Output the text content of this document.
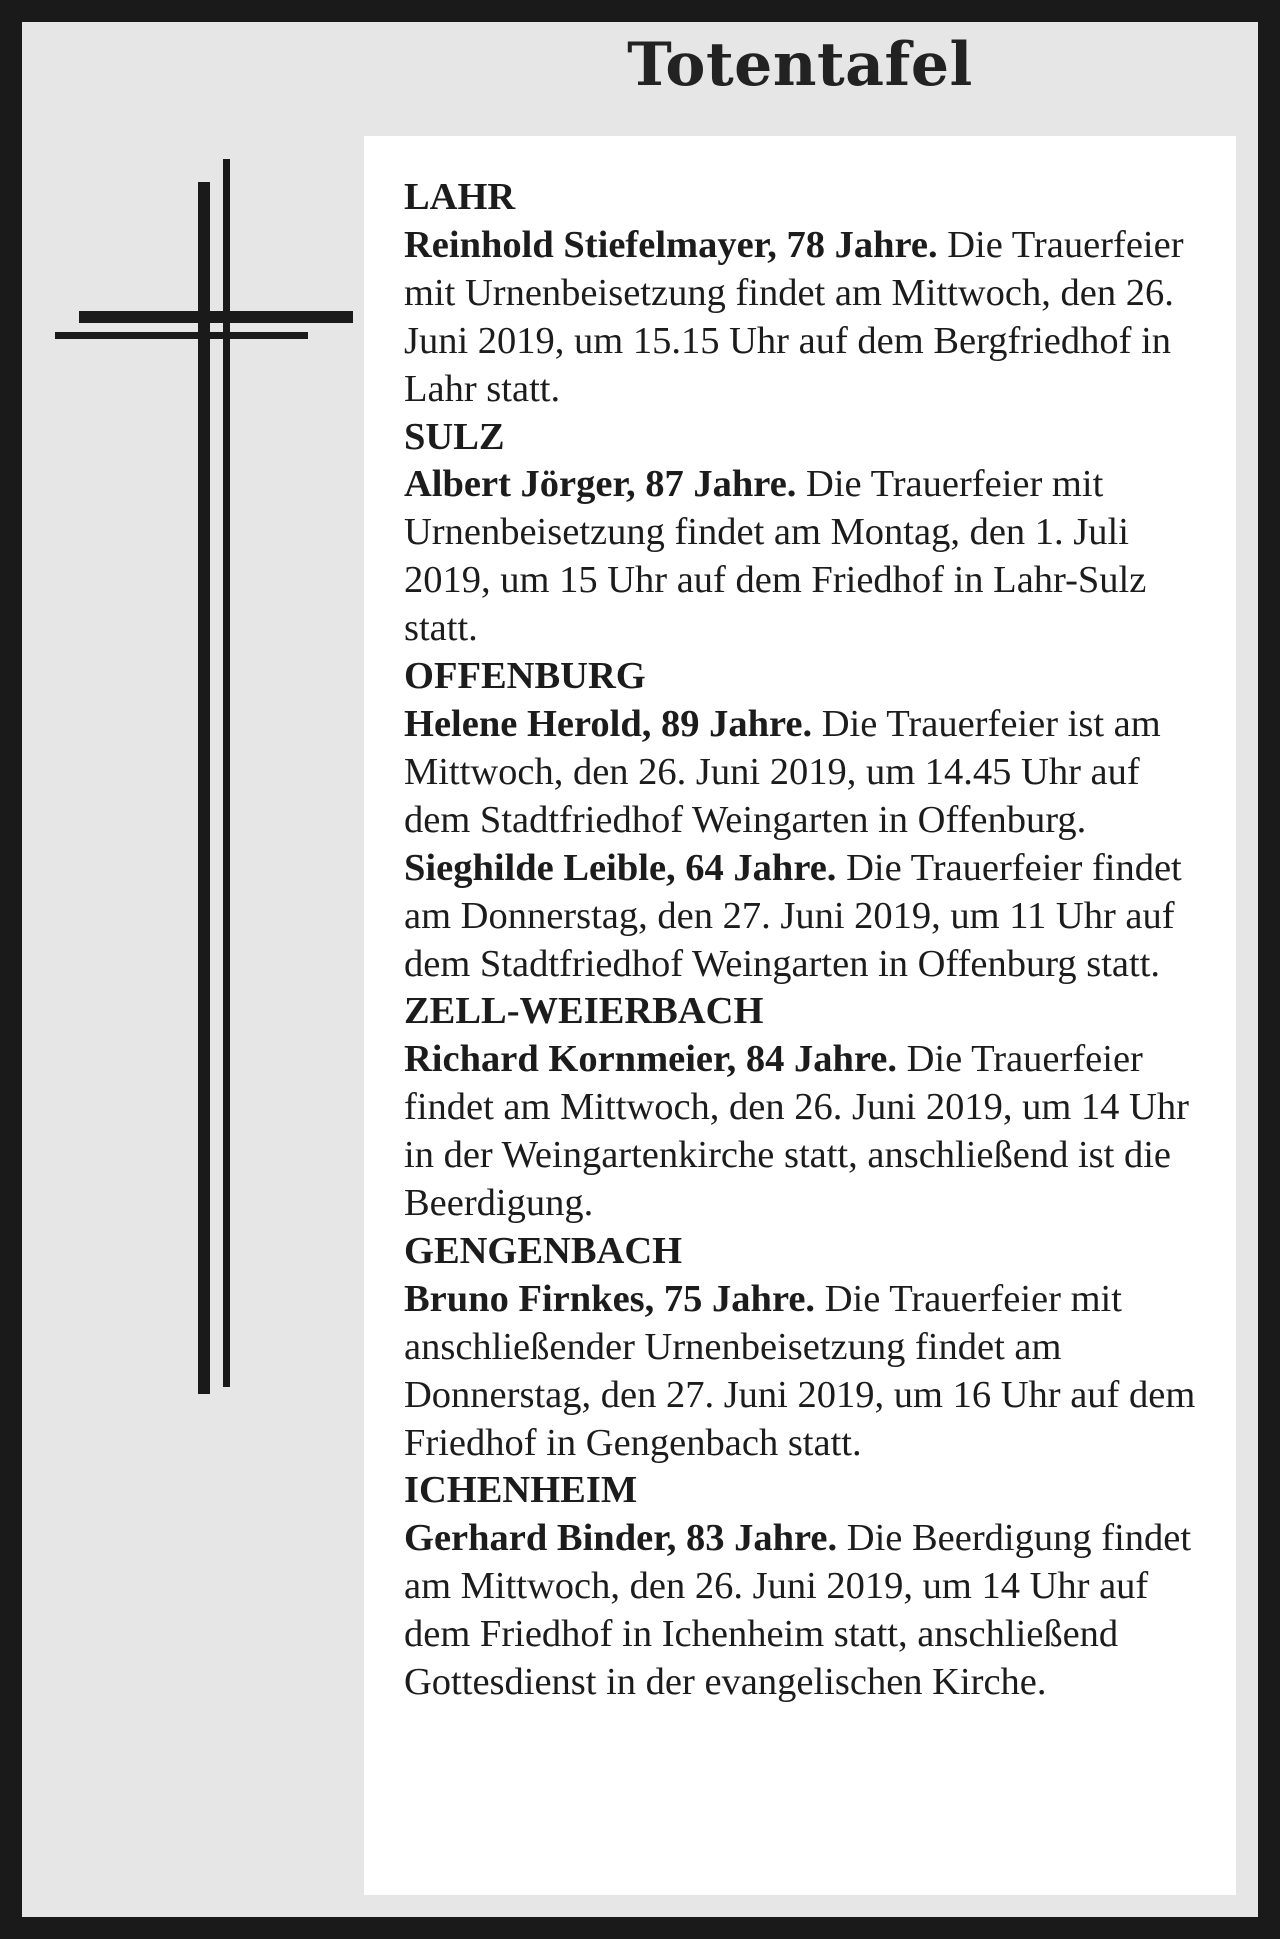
Totentafel
LAHR
Reinhold Stiefelmayer, 78 Jahre. Die Trauerfeier mit Urnenbeisetzung findet am Mittwoch, den 26. Juni 2019, um 15.15 Uhr auf dem Bergfriedhof in Lahr statt.
SULZ
Albert Jörger, 87 Jahre. Die Trauerfeier mit Urnenbeisetzung findet am Montag, den 1. Juli 2019, um 15 Uhr auf dem Friedhof in Lahr-Sulz statt.
OFFENBURG
Helene Herold, 89 Jahre. Die Trauerfeier ist am Mittwoch, den 26. Juni 2019, um 14.45 Uhr auf dem Stadtfriedhof Weingarten in Offenburg.
Sieghilde Leible, 64 Jahre. Die Trauerfeier findet am Donnerstag, den 27. Juni 2019, um 11 Uhr auf dem Stadtfriedhof Weingarten in Offenburg statt.
ZELL-WEIERBACH
Richard Kornmeier, 84 Jahre. Die Trauerfeier findet am Mittwoch, den 26. Juni 2019, um 14 Uhr in der Weingartenkirche statt, anschließend ist die Beerdigung.
GENGENBACH
Bruno Firnkes, 75 Jahre. Die Trauerfeier mit anschließender Urnenbeisetzung findet am Donnerstag, den 27. Juni 2019, um 16 Uhr auf dem Friedhof in Gengenbach statt.
ICHENHEIM
Gerhard Binder, 83 Jahre. Die Beerdigung findet am Mittwoch, den 26. Juni 2019, um 14 Uhr auf dem Friedhof in Ichenheim statt, anschließend Gottesdienst in der evangelischen Kirche.
